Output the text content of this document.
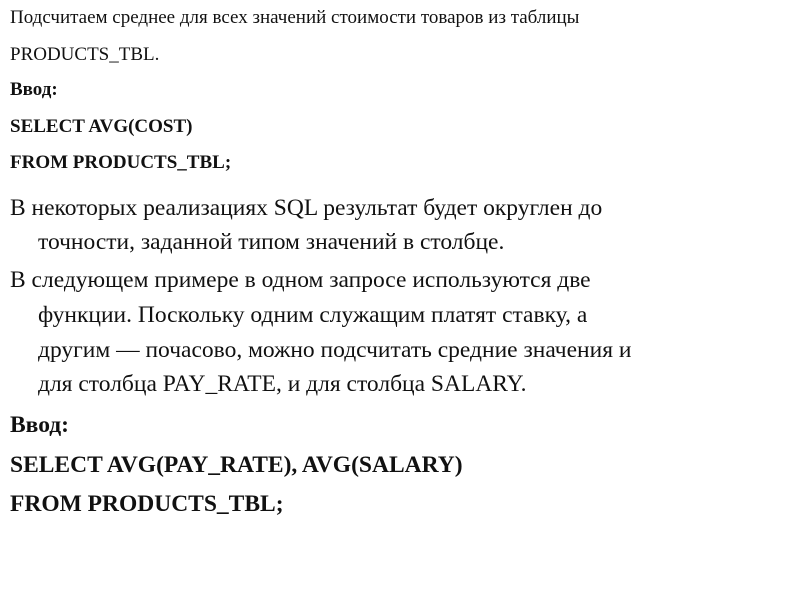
Подсчитаем среднее для всех значений стоимости товаров из таблицы
PRODUCTS_TBL.
Ввод:
SELECT AVG(COST)
FROM PRODUCTS_TBL;
В некоторых реализациях SQL результат будет округлен до
точности, заданной типом значений в столбце.
В следующем примере в одном запросе используются две
функции. Поскольку одним служащим платят ставку, а
другим — почасово, можно подсчитать средние значения и
для столбца PAY_RATE, и для столбца SALARY.
Ввод:
SELECT AVG(PAY_RATE), AVG(SALARY)
FROM PRODUCTS_TBL;
